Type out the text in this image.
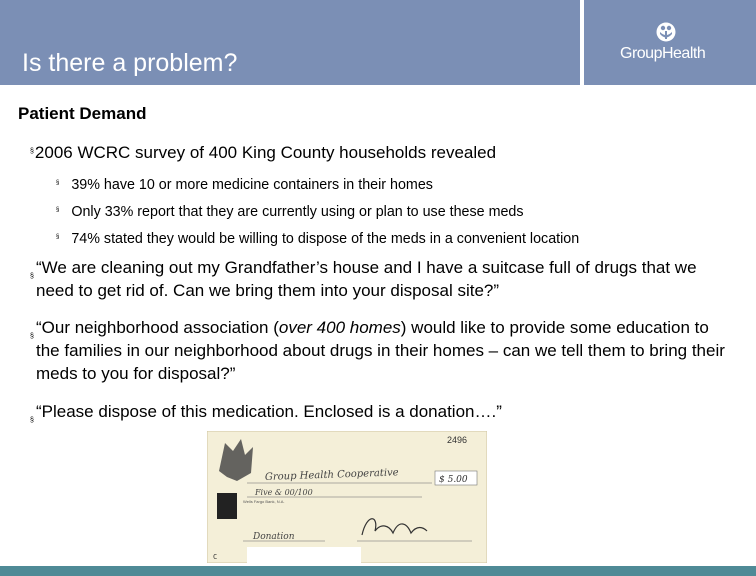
Is there a problem?	GroupHealth
Patient Demand
§2006 WCRC survey of 400 King County households revealed
§ 39% have 10 or more medicine containers in their homes
§ Only 33% report that they are currently using or plan to use these meds
§ 74% stated they would be willing to dispose of the meds in a convenient location
§ “We are cleaning out my Grandfather’s house and I have a suitcase full of drugs that we need to get rid of. Can we bring them into your disposal site?”
§ “Our neighborhood association (over 400 homes) would like to provide some education to the families in our neighborhood about drugs in their homes – can we tell them to bring their meds to you for disposal?”
§ “Please dispose of this medication. Enclosed is a donation….”
Wells Fargo Bank, N.A.
2496
Group Health Cooperative	$ 5.00
Five & 00/100
Donation
C
